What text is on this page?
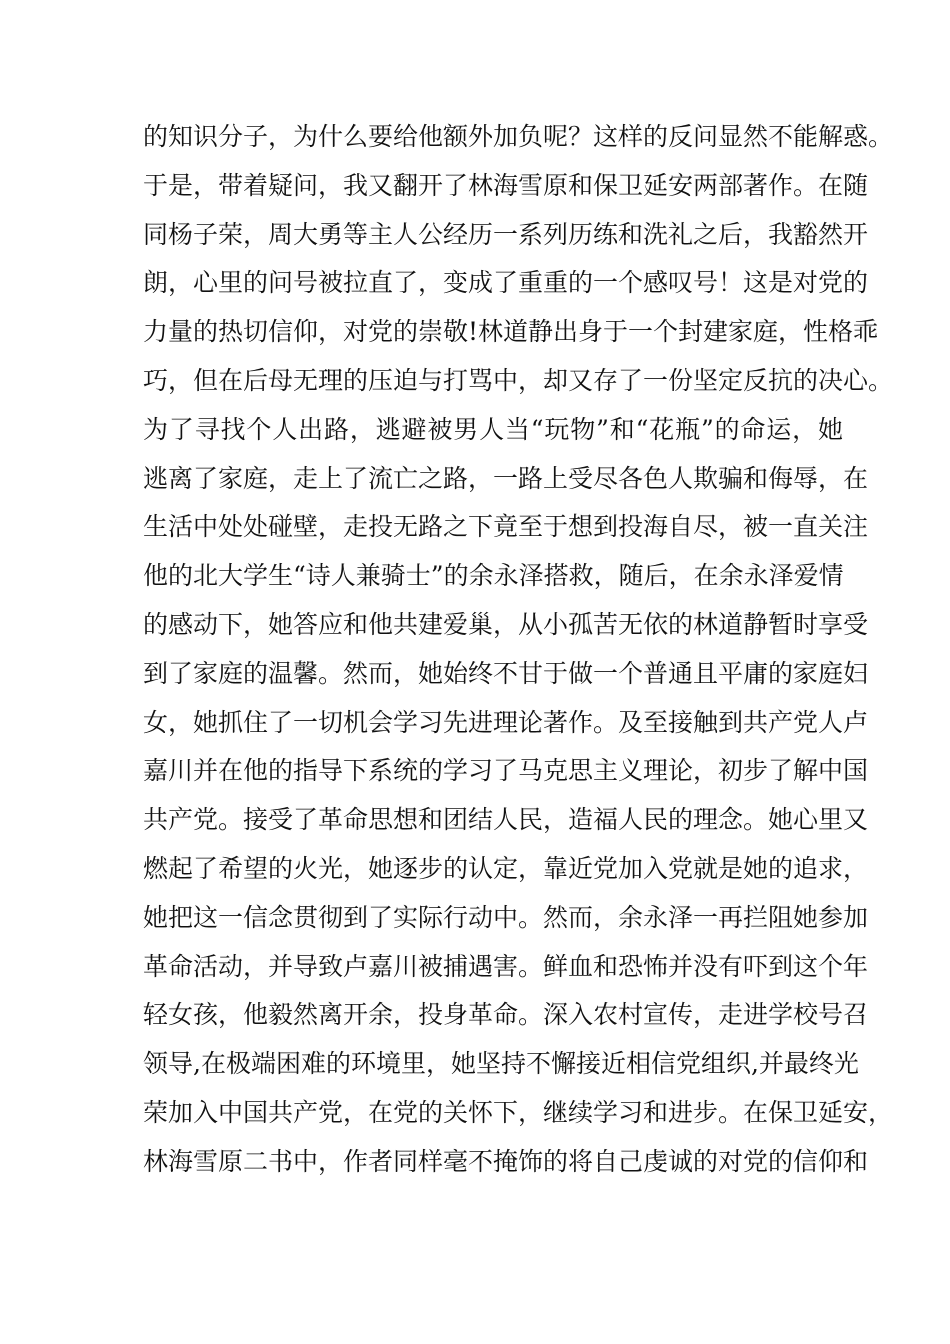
的知识分子，为什么要给他额外加负呢？这样的反问显然不能解惑。
于是，带着疑问，我又翻开了林海雪原和保卫延安两部著作。在随
同杨子荣，周大勇等主人公经历一系列历练和洗礼之后，我豁然开
朗，心里的问号被拉直了，变成了重重的一个感叹号！这是对党的
力量的热切信仰，对党的崇敬!林道静出身于一个封建家庭，性格乖
巧，但在后母无理的压迫与打骂中，却又存了一份坚定反抗的决心。
为了寻找个人出路，逃避被男人当“玩物”和“花瓶”的命运，她
逃离了家庭，走上了流亡之路，一路上受尽各色人欺骗和侮辱，在
生活中处处碰壁，走投无路之下竟至于想到投海自尽，被一直关注
他的北大学生“诗人兼骑士”的余永泽搭救，随后，在余永泽爱情
的感动下，她答应和他共建爱巢，从小孤苦无依的林道静暂时享受
到了家庭的温馨。然而，她始终不甘于做一个普通且平庸的家庭妇
女，她抓住了一切机会学习先进理论著作。及至接触到共产党人卢
嘉川并在他的指导下系统的学习了马克思主义理论，初步了解中国
共产党。接受了革命思想和团结人民，造福人民的理念。她心里又
燃起了希望的火光，她逐步的认定，靠近党加入党就是她的追求，
她把这一信念贯彻到了实际行动中。然而，余永泽一再拦阻她参加
革命活动，并导致卢嘉川被捕遇害。鲜血和恐怖并没有吓到这个年
轻女孩，他毅然离开余，投身革命。深入农村宣传，走进学校号召
领导,在极端困难的环境里，她坚持不懈接近相信党组织,并最终光
荣加入中国共产党，在党的关怀下，继续学习和进步。在保卫延安，
林海雪原二书中，作者同样毫不掩饰的将自己虔诚的对党的信仰和
